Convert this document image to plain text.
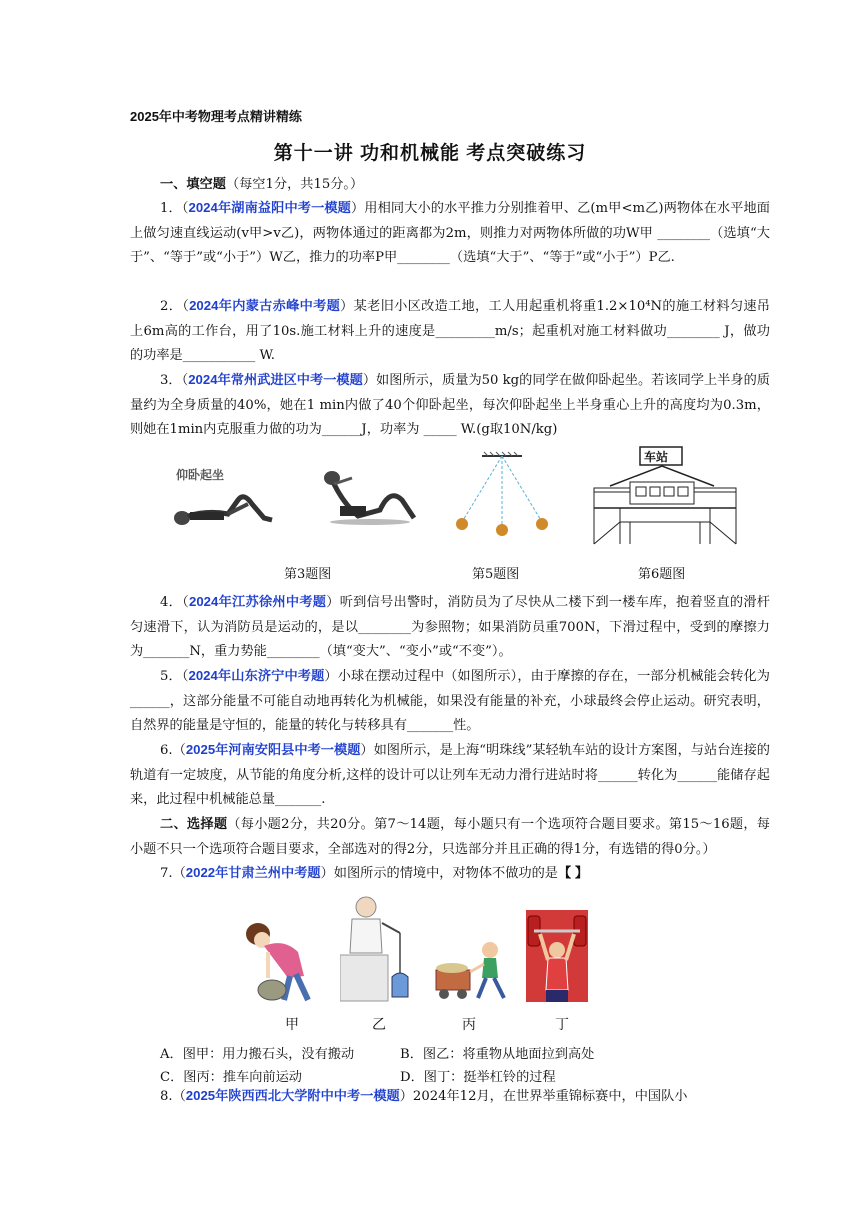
2025年中考物理考点精讲精练
第十一讲 功和机械能 考点突破练习
一、填空题（每空1分，共15分。）
1．（2024年湖南益阳中考一模题）用相同大小的水平推力分别推着甲、乙(m甲<m乙)两物体在水平地面上做匀速直线运动(v甲>v乙)，两物体通过的距离都为2m，则推力对两物体所做的功W甲 ________（选填“大于”、“等于”或“小于”）W乙，推力的功率P甲________（选填“大于”、“等于”或“小于”）P乙.
2．（2024年内蒙古赤峰中考题）某老旧小区改造工地，工人用起重机将重1.2×10⁴N的施工材料匀速吊上6m高的工作台，用了10s.施工材料上升的速度是_________m/s；起重机对施工材料做功________ J，做功的功率是___________ W.
3．（2024年常州武进区中考一模题）如图所示，质量为50 kg的同学在做仰卧起坐。若该同学上半身的质量约为全身质量的40%，她在1 min内做了40个仰卧起坐，每次仰卧起坐上半身重心上升的高度均为0.3m，则她在1min内克服重力做的功为______J，功率为 _____ W.(g取10N/kg)
仰卧起坐
车站
第3题图	第5题图	第6题图
4．（2024年江苏徐州中考题）听到信号出警时，消防员为了尽快从二楼下到一楼车库，抱着竖直的滑杆匀速滑下，认为消防员是运动的，是以________为参照物；如果消防员重700N，下滑过程中，受到的摩擦力为_______N，重力势能________（填“变大”、“变小”或“不变”）。
5．（2024年山东济宁中考题）小球在摆动过程中（如图所示），由于摩擦的存在，一部分机械能会转化为______，这部分能量不可能自动地再转化为机械能，如果没有能量的补充，小球最终会停止运动。研究表明，自然界的能量是守恒的，能量的转化与转移具有_______性。
6.（2025年河南安阳县中考一模题）如图所示，是上海“明珠线”某轻轨车站的设计方案图，与站台连接的轨道有一定坡度，从节能的角度分析,这样的设计可以让列车无动力滑行进站时将______转化为______能储存起来，此过程中机械能总量_______.
二、选择题（每小题2分，共20分。第7～14题，每小题只有一个选项符合题目要求。第15～16题，每小题不只一个选项符合题目要求，全部选对的得2分，只选部分并且正确的得1分，有选错的得0分。）
7.（2022年甘肃兰州中考题）如图所示的情境中，对物体不做功的是【 】
甲	乙	丙	丁
A．图甲：用力搬石头，没有搬动	B．图乙：将重物从地面拉到高处
C．图丙：推车向前运动	D．图丁：挺举杠铃的过程
8.（2025年陕西西北大学附中中考一模题）2024年12月，在世界举重锦标赛中，中国队小
